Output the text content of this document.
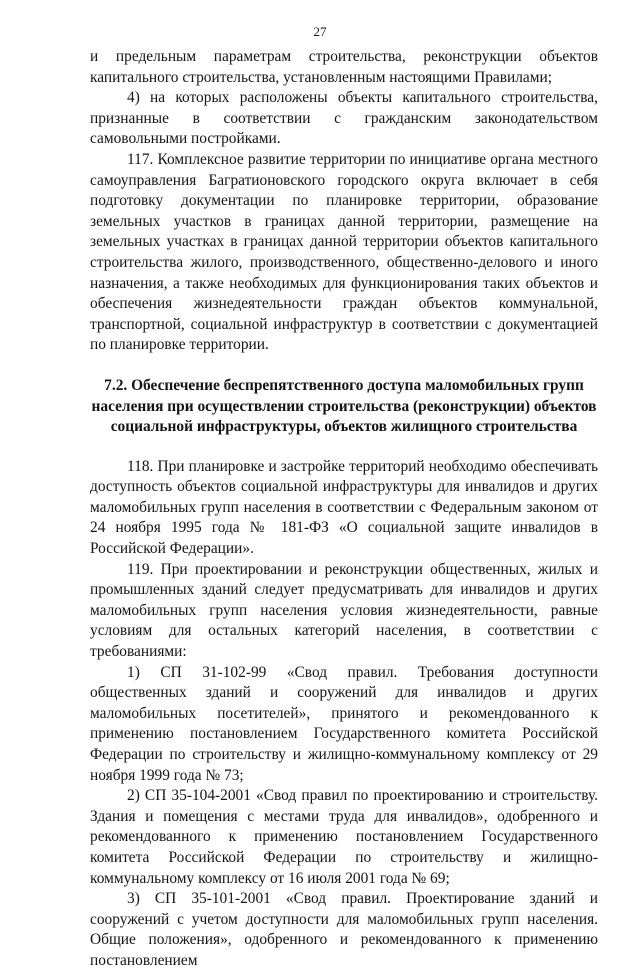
27

и предельным параметрам строительства, реконструкции объектов капитального строительства, установленным настоящими Правилами;

4) на которых расположены объекты капитального строительства, признанные в соответствии с гражданским законодательством самовольными постройками.

117. Комплексное развитие территории по инициативе органа местного самоуправления Багратионовского городского округа включает в себя подготовку документации по планировке территории, образование земельных участков в границах данной территории, размещение на земельных участках в границах данной территории объектов капитального строительства жилого, производственного, общественно-делового и иного назначения, а также необходимых для функционирования таких объектов и обеспечения жизнедеятельности граждан объектов коммунальной, транспортной, социальной инфраструктур в соответствии с документацией по планировке территории.

7.2. Обеспечение беспрепятственного доступа маломобильных групп населения при осуществлении строительства (реконструкции) объектов социальной инфраструктуры, объектов жилищного строительства

118. При планировке и застройке территорий необходимо обеспечивать доступность объектов социальной инфраструктуры для инвалидов и других маломобильных групп населения в соответствии с Федеральным законом от 24 ноября 1995 года № 181-ФЗ «О социальной защите инвалидов в Российской Федерации».

119. При проектировании и реконструкции общественных, жилых и промышленных зданий следует предусматривать для инвалидов и других маломобильных групп населения условия жизнедеятельности, равные условиям для остальных категорий населения, в соответствии с требованиями:

1) СП 31-102-99 «Свод правил. Требования доступности общественных зданий и сооружений для инвалидов и других маломобильных посетителей», принятого и рекомендованного к применению постановлением Государственного комитета Российской Федерации по строительству и жилищно-коммунальному комплексу от 29 ноября 1999 года № 73;

2) СП 35-104-2001 «Свод правил по проектированию и строительству. Здания и помещения с местами труда для инвалидов», одобренного и рекомендованного к применению постановлением Государственного комитета Российской Федерации по строительству и жилищно-коммунальному комплексу от 16 июля 2001 года № 69;

3) СП 35-101-2001 «Свод правил. Проектирование зданий и сооружений с учетом доступности для маломобильных групп населения. Общие положения», одобренного и рекомендованного к применению постановлением
